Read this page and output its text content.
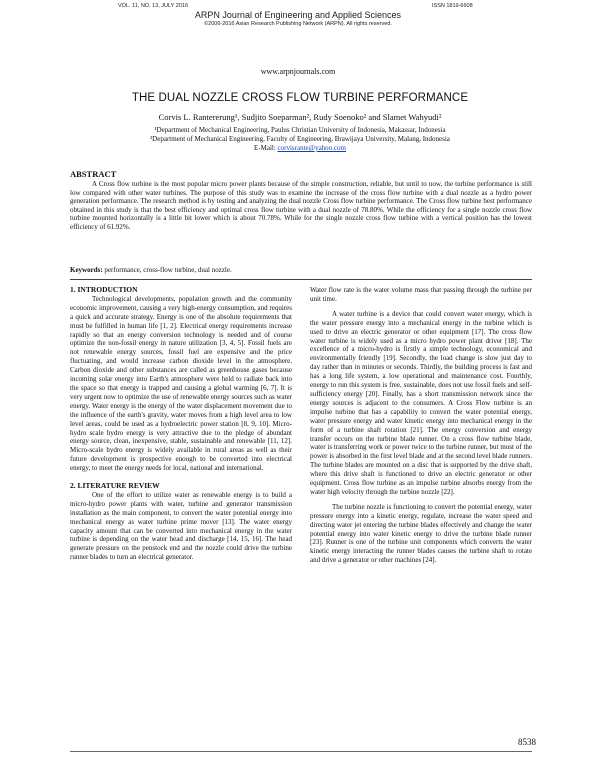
VOL. 11, NO. 13, JULY 2016	ISSN 1819-6608
ARPN Journal of Engineering and Applied Sciences
©2006-2016 Asian Research Publishing Network (ARPN). All rights reserved.
www.arpnjournals.com
THE DUAL NOZZLE CROSS FLOW TURBINE PERFORMANCE
Corvis L. Rantererung¹, Sudjito Soeparman², Rudy Soenoko² and Slamet Wahyudi²
¹Department of Mechanical Engineering, Paulus Christian University of Indonesia, Makassar, Indonesia
²Department of Mechanical Engineering, Faculty of Engineering, Brawijaya University, Malang, Indonesia
E-Mail: corvisrante@yahoo.com
ABSTRACT
A Cross flow turbine is the most popular micro power plants because of the simple construction, reliable, but until to now, the turbine performance is still low compared with other water turbines. The purpose of this study was to examine the increase of the cross flow turbine with a dual nozzle as a hydro power generation performance. The research method is by testing and analyzing the dual nozzle Cross flow turbine performance. The Cross flow turbine best performance obtained in this study is that the best efficiency and optimal cross flow turbine with a dual nozzle of 78.80%. While the efficiency for a single nozzle cross flow turbine mounted horizontally is a little bit lower which is about 70.78%. While for the single nozzle cross flow turbine with a vertical position has the lowest efficiency of 61.92%.
Keywords: performance, cross-flow turbine, dual nozzle.
1. INTRODUCTION

Technological developments, population growth and the community economic improvement, causing a very high-energy consumption, and requires a quick and accurate strategy. Energy is one of the absolute requirements that must be fulfilled in human life [1, 2]. Electrical energy requirements increase rapidly so that an energy conversion technology is needed and of course optimize the non-fossil energy in nature utilization [3, 4, 5]. Fossil fuels are not renewable energy sources, fossil fuel are expensive and the price fluctuating, and would increase carbon dioxide level in the atmosphere. Carbon dioxide and other substances are called as greenhouse gases because incoming solar energy into Earth's atmosphere were held to radiate back into the space so that energy is trapped and causing a global warming [6, 7]. It is very urgent now to optimize the use of renewable energy sources such as water energy. Water energy is the energy of the water displacement movement due to the influence of the earth's gravity, water moves from a high level area to low level areas, could be used as a hydroelectric power station [8, 9, 10]. Micro-hydro scale hydro energy is very attractive due to the pledge of abundant energy source, clean, inexpensive, stable, sustainable and renewable [11, 12]. Micro-scale hydro energy is widely available in rural areas as well as their future development is prospective enough to be converted into electrical energy, to meet the energy needs for local, national and international.

2. LITERATURE REVIEW

One of the effort to utilize water as renewable energy is to build a micro-hydro power plants with water, turbine and generator transmission installation as the main component, to convert the water potential energy into mechanical energy as water turbine prime mover [13]. The water energy capacity amount that can be converted into mechanical energy in the water turbine is depending on the water head and discharge [14, 15, 16]. The head generate pressure on the penstock end and the nozzle could drive the turbine runner blades to turn an electrical generator.

Water flow rate is the water volume mass that passing through the turbine per unit time.

A water turbine is a device that could convert water energy, which is the water pressure energy into a mechanical energy in the turbine which is used to drive an electric generator or other equipment [17]. The cross flow water turbine is widely used as a micro hydro power plant driver [18]. The excellence of a micro-hydro is firstly a simple technology, economical and environmentally friendly [19]. Secondly, the load change is slow just day to day rather than in minutes or seconds. Thirdly, the building process is fast and has a long life system, a low operational and maintenance cost. Fourthly, energy to run this system is free, sustainable, does not use fossil fuels and self-sufficiency energy [20]. Finally, has a short transmission network since the energy sources is adjacent to the consumers. A Cross Flow turbine is an impulse turbine that has a capability to convert the water potential energy, water pressure energy and water kinetic energy into mechanical energy in the form of a turbine shaft rotation [21]. The energy conversion and energy transfer occurs on the turbine blade runner. On a cross flow turbine blade, water is transferring work or power twice to the turbine runner, but most of the power is absorbed in the first level blade and at the second level blade runners. The turbine blades are mounted on a disc that is supported by the drive shaft, where this drive shaft is functioned to drive an electric generator or other equipment. Cross flow turbine as an impulse turbine absorbs energy from the water high velocity through the turbine nozzle [22].

The turbine nozzle is functioning to convert the potential energy, water pressure energy into a kinetic energy, regulate, increase the water speed and directing water jet entering the turbine blades effectively and change the water potential energy into water kinetic energy to drive the turbine blade runner [23]. Runner is one of the turbine unit components which converts the water kinetic energy interacting the runner blades causes the turbine shaft to rotate and drive a generator or other machines [24].

8538
